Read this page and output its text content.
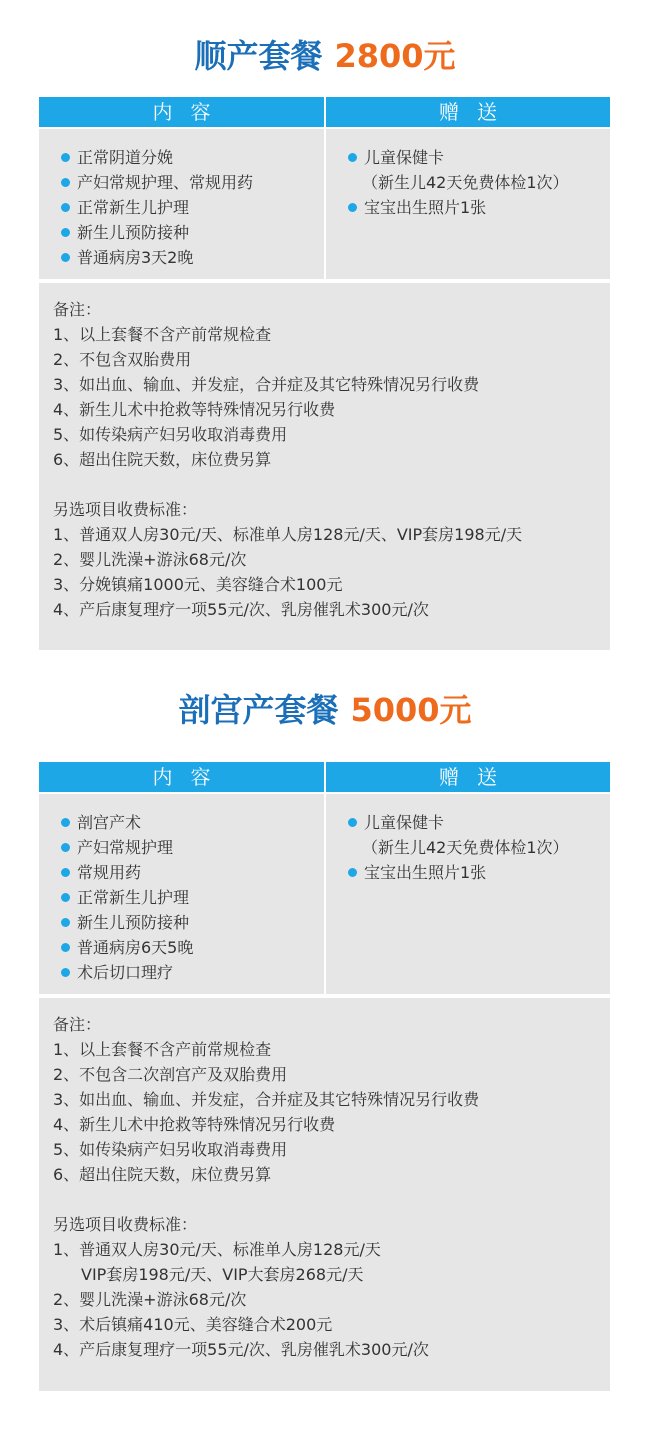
顺产套餐 2800元
内容	赠送
正常阴道分娩
产妇常规护理、常规用药
正常新生儿护理
新生儿预防接种
普通病房3天2晚
儿童保健卡
（新生儿42天免费体检1次）
宝宝出生照片1张
备注：
1、以上套餐不含产前常规检查
2、不包含双胎费用
3、如出血、输血、并发症，合并症及其它特殊情况另行收费
4、新生儿术中抢救等特殊情况另行收费
5、如传染病产妇另收取消毒费用
6、超出住院天数，床位费另算
另选项目收费标准：
1、普通双人房30元/天、标准单人房128元/天、VIP套房198元/天
2、婴儿洗澡+游泳68元/次
3、分娩镇痛1000元、美容缝合术100元
4、产后康复理疗一项55元/次、乳房催乳术300元/次
剖宫产套餐 5000元
内容	赠送
剖宫产术
产妇常规护理
常规用药
正常新生儿护理
新生儿预防接种
普通病房6天5晚
术后切口理疗
儿童保健卡
（新生儿42天免费体检1次）
宝宝出生照片1张
备注：
1、以上套餐不含产前常规检查
2、不包含二次剖宫产及双胎费用
3、如出血、输血、并发症，合并症及其它特殊情况另行收费
4、新生儿术中抢救等特殊情况另行收费
5、如传染病产妇另收取消毒费用
6、超出住院天数，床位费另算
另选项目收费标准：
1、普通双人房30元/天、标准单人房128元/天
VIP套房198元/天、VIP大套房268元/天
2、婴儿洗澡+游泳68元/次
3、术后镇痛410元、美容缝合术200元
4、产后康复理疗一项55元/次、乳房催乳术300元/次
